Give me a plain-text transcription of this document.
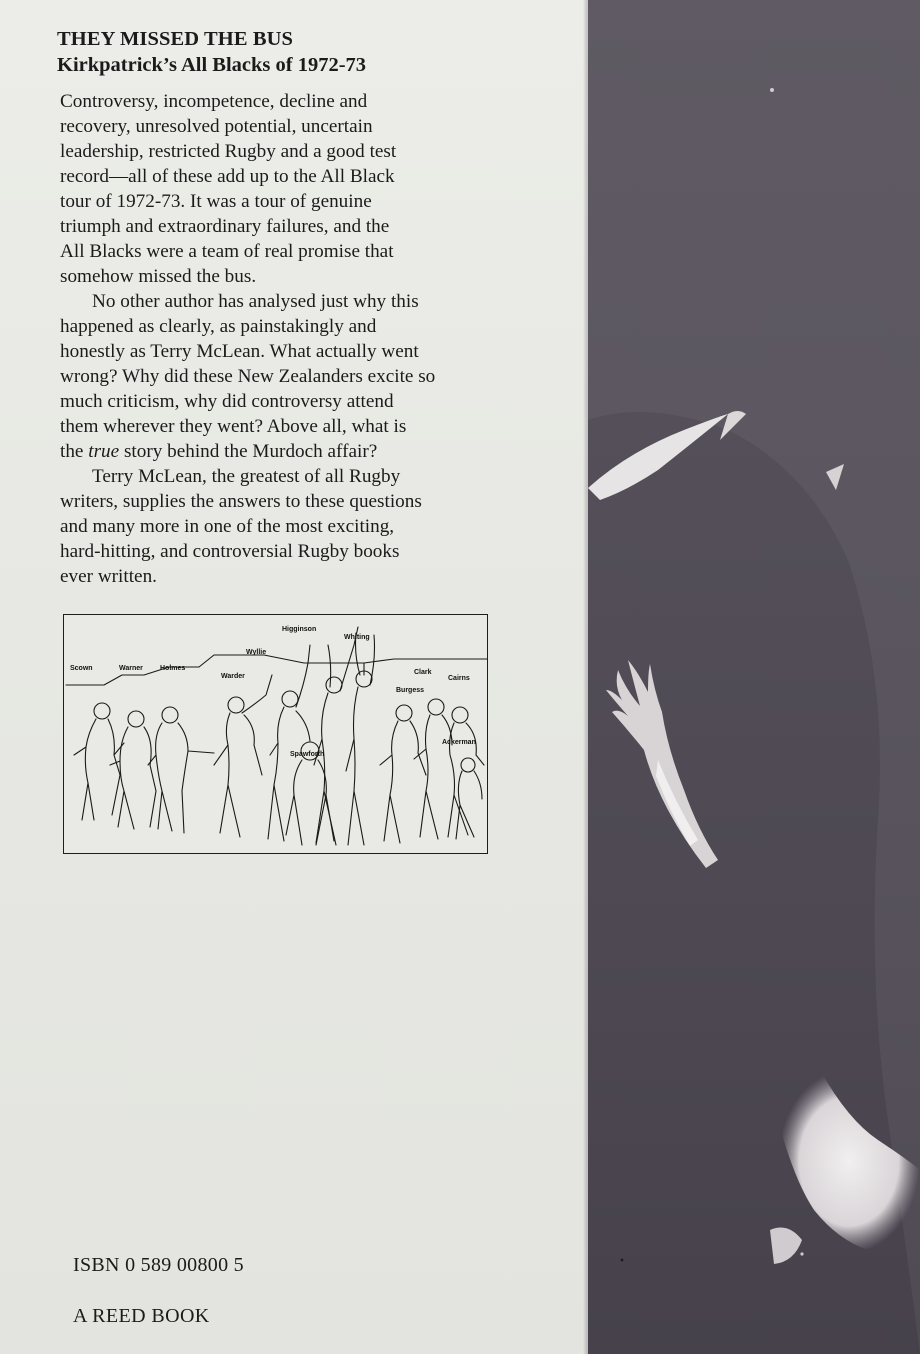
THEY MISSED THE BUS

Kirkpatrick’s All Blacks of 1972-73

Controversy, incompetence, decline and
recovery, unresolved potential, uncertain
leadership, restricted Rugby and a good test
record—all of these add up to the All Black
tour of 1972-73. It was a tour of genuine
triumph and extraordinary failures, and the
All Blacks were a team of real promise that
somehow missed the bus.

No other author has analysed just why this
happened as clearly, as painstakingly and
honestly as Terry McLean. What actually went
wrong? Why did these New Zealanders excite so
much criticism, why did controversy attend
them wherever they went? Above all, what is
the true story behind the Murdoch affair?

Terry McLean, the greatest of all Rugby
writers, supplies the answers to these questions
and many more in one of the most exciting,
hard-hitting, and controversial Rugby books
ever written.

Higginson
Whiting
Wyllie
Scown	Warner Holmes
Warder
Clark
Cairns
Burgess
Ackerman
Spawforth
ISBN 0 589 00800 5
A REED BOOK
